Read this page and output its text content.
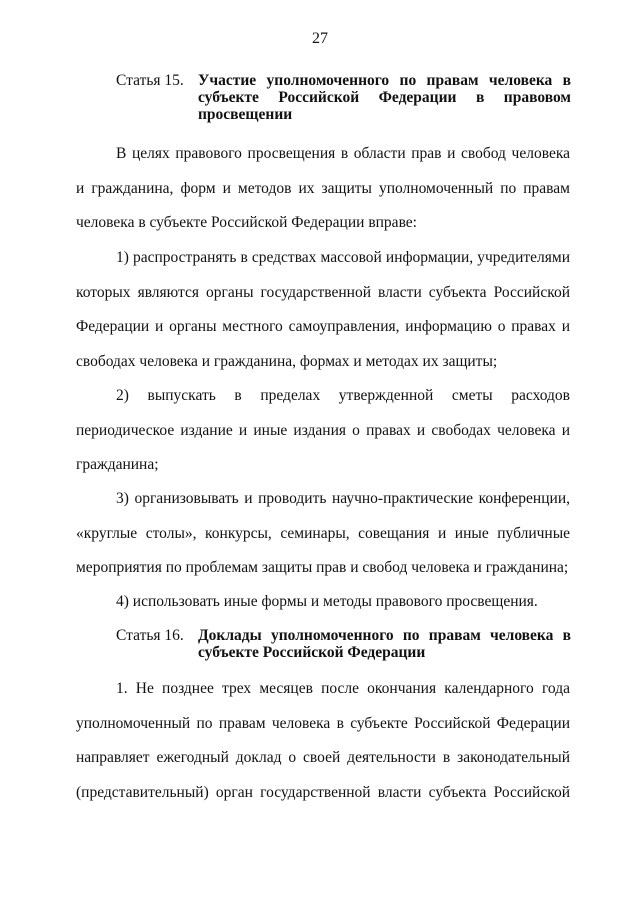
27
Статья 15. Участие уполномоченного по правам человека в
субъекте Российской Федерации в правовом
просвещении
В целях правового просвещения в области прав и свобод человека
и гражданина, форм и методов их защиты уполномоченный по правам
человека в субъекте Российской Федерации вправе:
1) распространять в средствах массовой информации, учредителями
которых являются органы государственной власти субъекта Российской
Федерации и органы местного самоуправления, информацию о правах и
свободах человека и гражданина, формах и методах их защиты;
2) выпускать в пределах утвержденной сметы расходов
периодическое издание и иные издания о правах и свободах человека и
гражданина;
3) организовывать и проводить научно-практические конференции,
«круглые столы», конкурсы, семинары, совещания и иные публичные
мероприятия по проблемам защиты прав и свобод человека и гражданина;
4) использовать иные формы и методы правового просвещения.
Статья 16. Доклады уполномоченного по правам человека в
субъекте Российской Федерации
1. Не позднее трех месяцев после окончания календарного года
уполномоченный по правам человека в субъекте Российской Федерации
направляет ежегодный доклад о своей деятельности в законодательный
(представительный) орган государственной власти субъекта Российской
